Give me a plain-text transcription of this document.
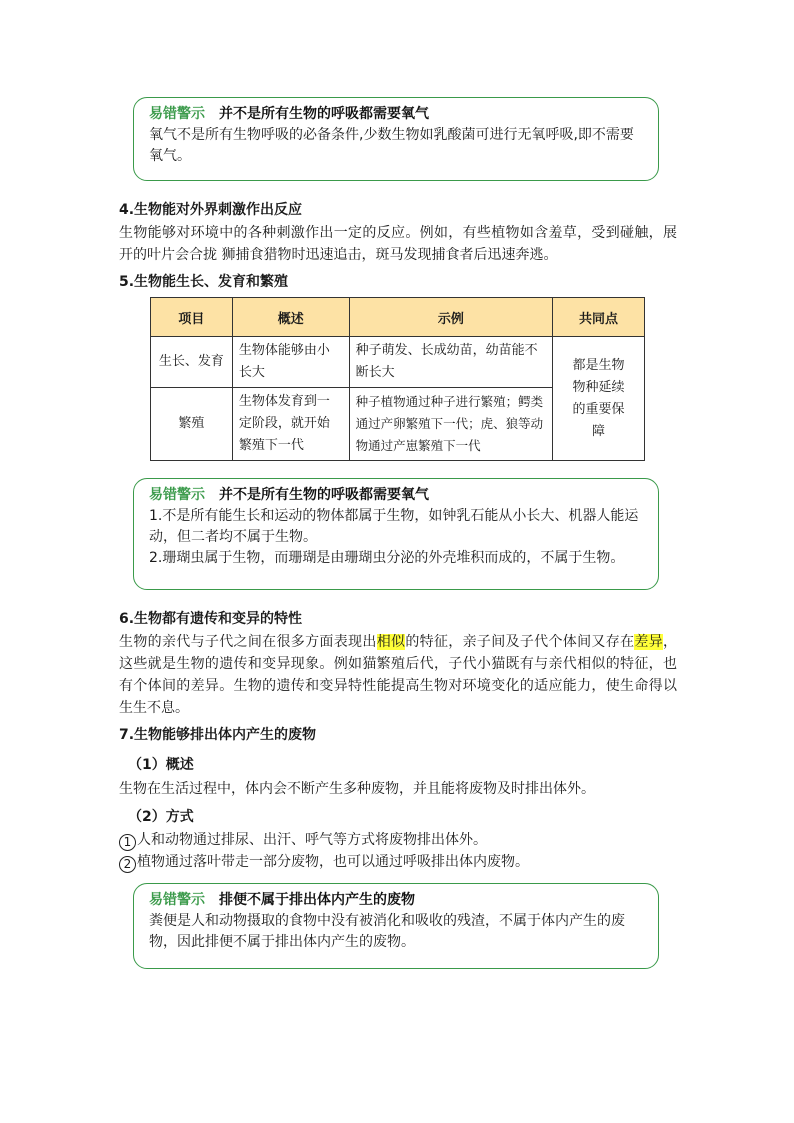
易错警示 并不是所有生物的呼吸都需要氧气
氧气不是所有生物呼吸的必备条件,少数生物如乳酸菌可进行无氧呼吸,即不需要氧气。
4.生物能对外界刺激作出反应
生物能够对环境中的各种刺激作出一定的反应。例如，有些植物如含羞草，受到碰触，展开的叶片会合拢 狮捕食猎物时迅速追击，斑马发现捕食者后迅速奔逃。
5.生物能生长、发育和繁殖
项目	概述	示例	共同点
生长、发育	生物体能够由小长大	种子萌发、长成幼苗，幼苗能不断长大	都是生物物种延续的重要保障
繁殖	生物体发育到一定阶段，就开始繁殖下一代	种子植物通过种子进行繁殖；鳄类通过产卵繁殖下一代；虎、狼等动物通过产崽繁殖下一代	
易错警示 并不是所有生物的呼吸都需要氧气
1.不是所有能生长和运动的物体都属于生物，如钟乳石能从小长大、机器人能运动，但二者均不属于生物。
2.珊瑚虫属于生物，而珊瑚是由珊瑚虫分泌的外壳堆积而成的，不属于生物。
6.生物都有遗传和变异的特性
生物的亲代与子代之间在很多方面表现出相似的特征，亲子间及子代个体间又存在差异，这些就是生物的遗传和变异现象。例如猫繁殖后代，子代小猫既有与亲代相似的特征，也有个体间的差异。生物的遗传和变异特性能提高生物对环境变化的适应能力，使生命得以生生不息。
7.生物能够排出体内产生的废物
（1）概述
生物在生活过程中，体内会不断产生多种废物，并且能将废物及时排出体外。
（2）方式
1 人和动物通过排尿、出汗、呼气等方式将废物排出体外。
2 植物通过落叶带走一部分废物，也可以通过呼吸排出体内废物。
易错警示 排便不属于排出体内产生的废物
粪便是人和动物摄取的食物中没有被消化和吸收的残渣，不属于体内产生的废物，因此排便不属于排出体内产生的废物。
